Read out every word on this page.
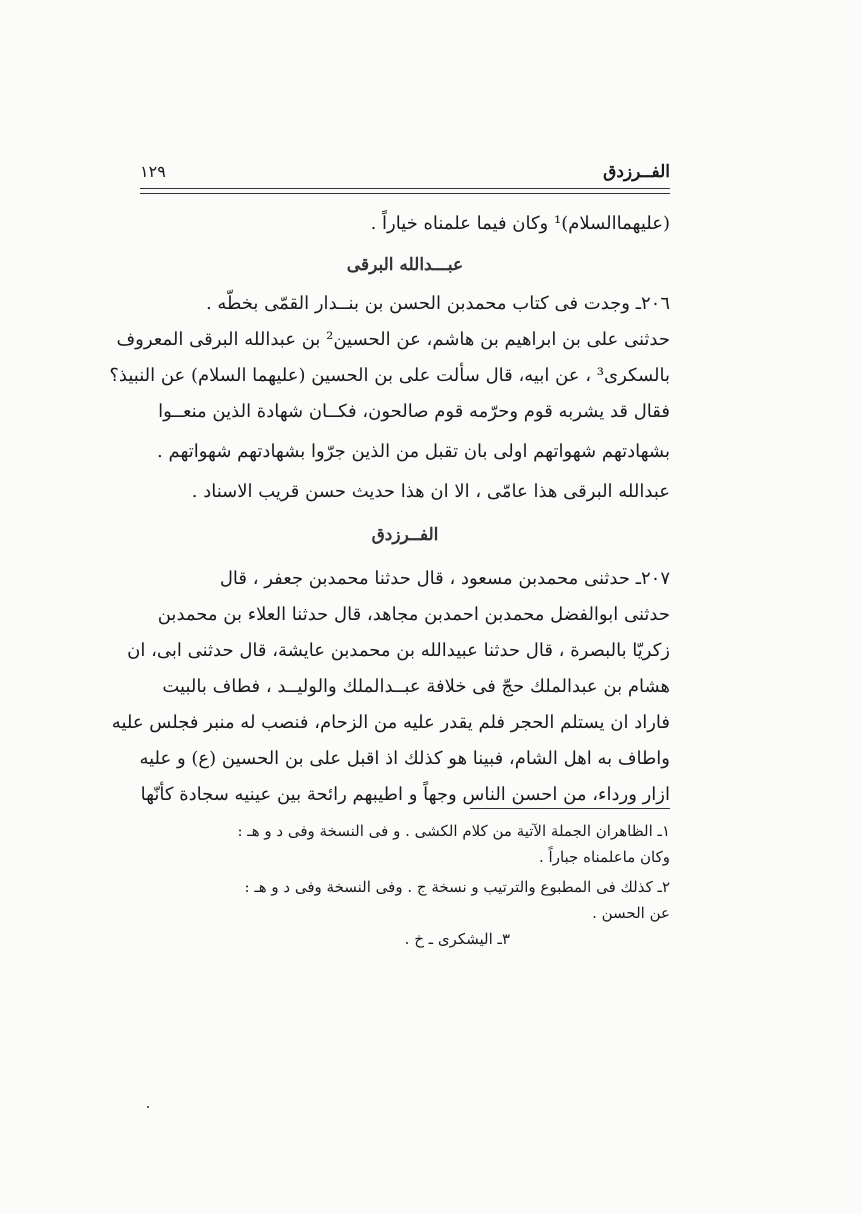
الفــرزدق
١٢٩
(عليهماالسلام)¹ وكان فيما علمناه خياراً .
عبـــدالله البرقى
٢٠٦ـ وجدت فى كتاب محمدبن الحسن بن بنــدار القمّى بخطّه .
حدثنى على بن ابراهيم بن هاشم، عن الحسين² بن عبدالله البرقى المعروف
بالسكرى³ ، عن ابيه، قال سألت على بن الحسين (عليهما السلام) عن النبيذ؟
فقال قد يشربه قوم وحرّمه قوم صالحون، فكــان شهادة الذين منعــوا
بشهادتهم شهواتهم اولى بان تقبل من الذين جرّوا بشهادتهم شهواتهم .
عبدالله البرقى هذا عامّى ، الا ان هذا حديث حسن قريب الاسناد .
الفــرزدق
٢٠٧ـ حدثنى محمدبن مسعود ، قال حدثنا محمدبن جعفر ، قال
حدثنى ابوالفضل محمدبن احمدبن مجاهد، قال حدثنا العلاء بن محمدبن
زكريّا بالبصرة ، قال حدثنا عبيدالله بن محمدبن عايشة، قال حدثنى ابى، ان
هشام بن عبدالملك حجّ فى خلافة عبــدالملك والوليــد ، فطاف بالبيت
فاراد ان يستلم الحجر فلم يقدر عليه من الزحام، فنصب له منبر فجلس عليه
واطاف به اهل الشام، فبينا هو كذلك اذ اقبل على بن الحسين (ع) و عليه
ازار ورداء، من احسن الناس وجهاً و اطيبهم رائحة بين عينيه سجادة كأنّها
١ـ الظاهران الجملة الآتية من كلام الكشى . و فى النسخة وفى د و هـ :
وكان ماعلمناه جباراً .
٢ـ كذلك فى المطبوع والترتيب و نسخة ج . وفى النسخة وفى د و هـ :
عن الحسن .
٣ـ اليشكرى ـ خ .
